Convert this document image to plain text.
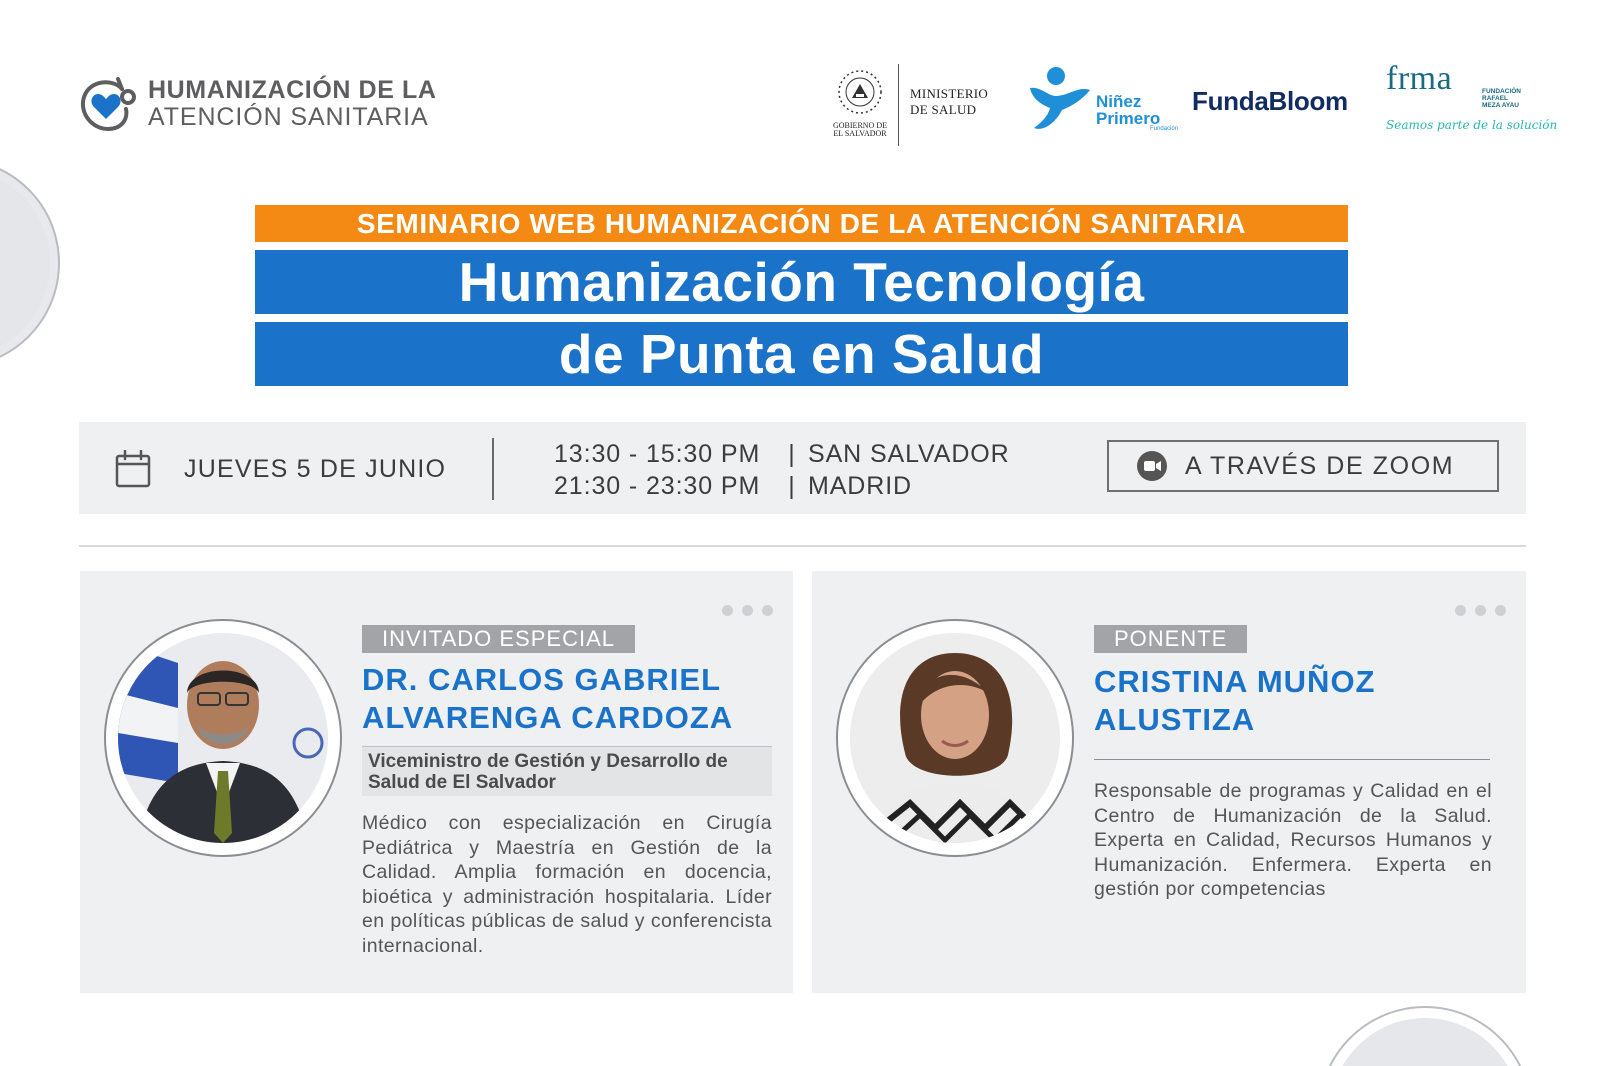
HUMANIZACIÓN DE LA
ATENCIÓN SANITARIA	GOBIERNO DE
EL SALVADOR
MINISTERIO
DE SALUD	Niñez
Primero
Fundación
FundaBloom
frma	FUNDACIÓN
RAFAEL
MEZA AYAU
Seamos parte de la solución
SEMINARIO WEB HUMANIZACIÓN DE LA ATENCIÓN SANITARIA
Humanización Tecnología
de Punta en Salud
JUEVES 5 DE JUNIO
13:30 - 15:30 PM	| SAN SALVADOR
21:30 - 23:30 PM	| MADRID
A TRAVÉS DE ZOOM
INVITADO ESPECIAL
DR. CARLOS GABRIEL
ALVARENGA CARDOZA
Viceministro de Gestión y Desarrollo de
Salud de El Salvador
Médico con especialización en Cirugía Pediátrica y Maestría en Gestión de la Calidad. Amplia formación en docencia, bioética y administración hospitalaria. Líder en políticas públicas de salud y conferencista internacional.
PONENTE
CRISTINA MUÑOZ
ALUSTIZA
Responsable de programas y Calidad en el Centro de Humanización de la Salud. Experta en Calidad, Recursos Humanos y Humanización. Enfermera. Experta en gestión por competencias
